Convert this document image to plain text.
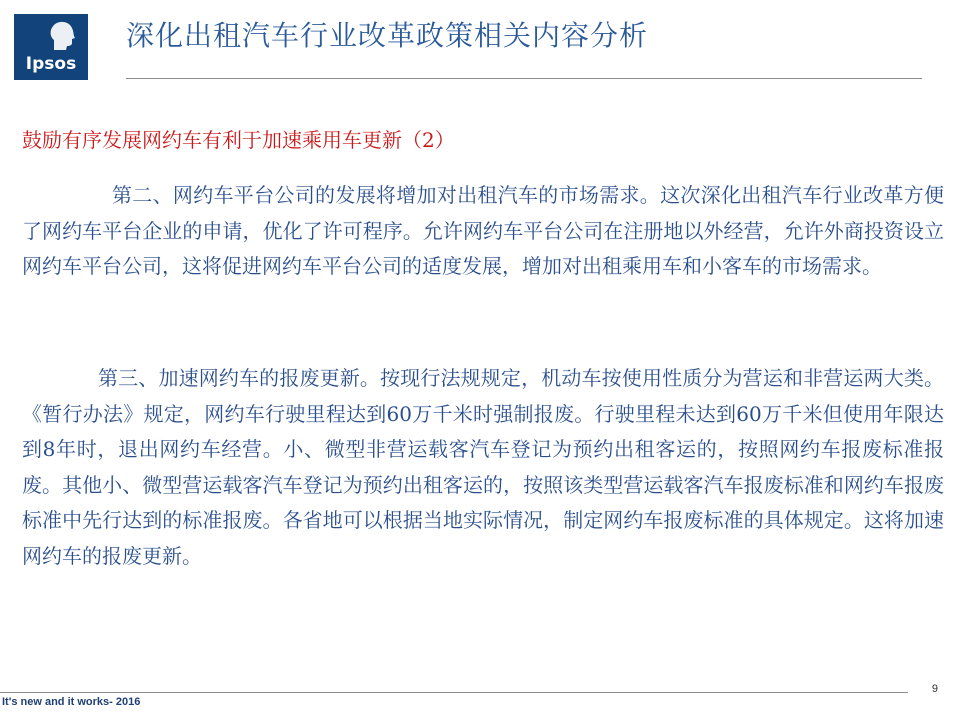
Ipsos
深化出租汽车行业改革政策相关内容分析
鼓励有序发展网约车有利于加速乘用车更新（2）
第二、网约车平台公司的发展将增加对出租汽车的市场需求。这次深化出租汽车行业改革方便了网约车平台企业的申请，优化了许可程序。允许网约车平台公司在注册地以外经营，允许外商投资设立网约车平台公司，这将促进网约车平台公司的适度发展，增加对出租乘用车和小客车的市场需求。
第三、加速网约车的报废更新。按现行法规规定，机动车按使用性质分为营运和非营运两大类。《暂行办法》规定，网约车行驶里程达到60万千米时强制报废。行驶里程未达到60万千米但使用年限达到8年时，退出网约车经营。小、微型非营运载客汽车登记为预约出租客运的，按照网约车报废标准报废。其他小、微型营运载客汽车登记为预约出租客运的，按照该类型营运载客汽车报废标准和网约车报废标准中先行达到的标准报废。各省地可以根据当地实际情况，制定网约车报废标准的具体规定。这将加速网约车的报废更新。
It's new and it works- 2016
9
